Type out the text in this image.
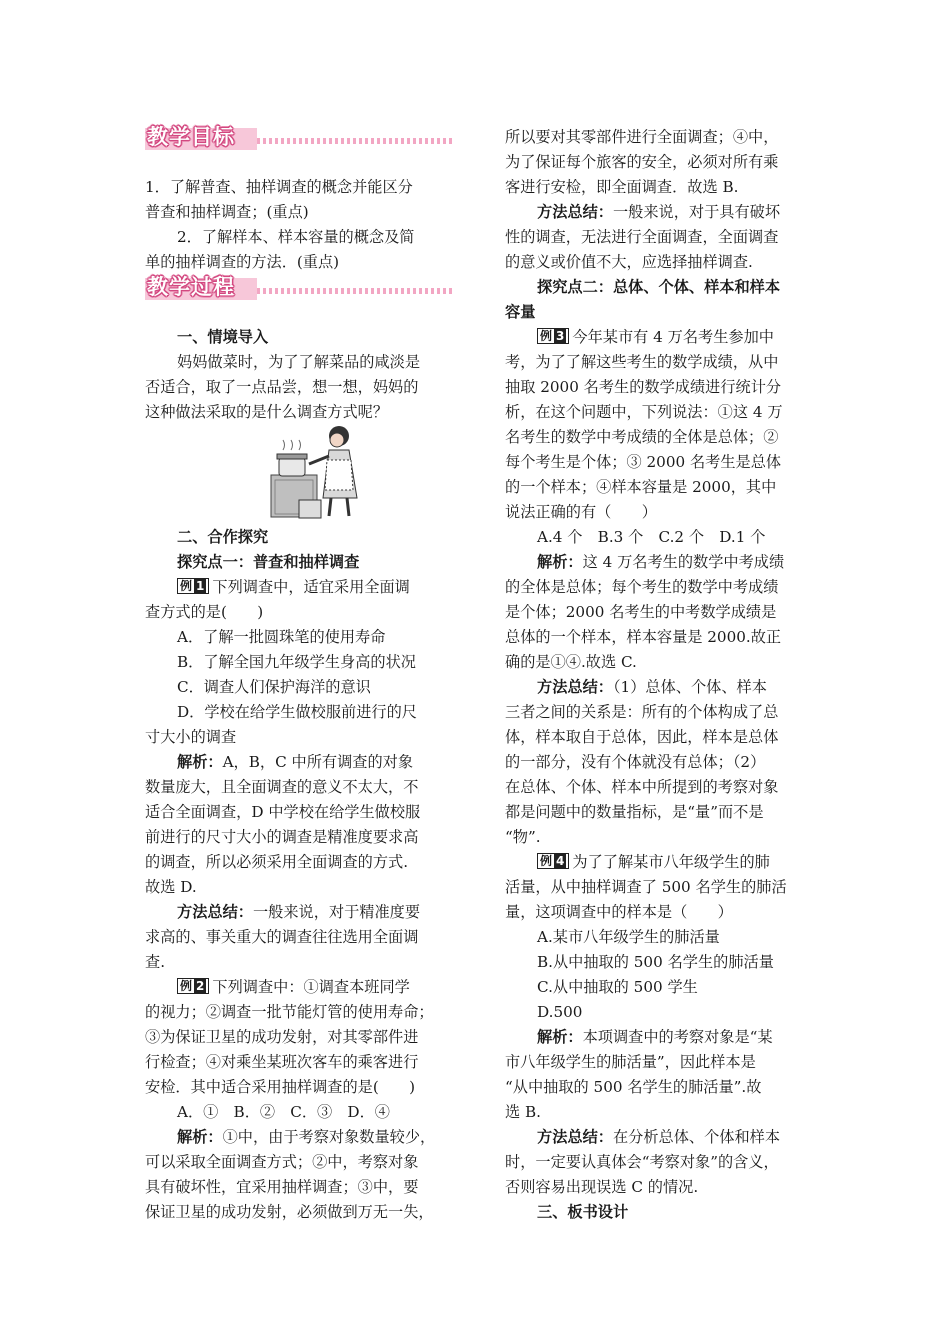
教学目标
1．了解普查、抽样调查的概念并能区分
普查和抽样调查；(重点)
2．了解样本、样本容量的概念及简
单的抽样调查的方法．(重点)
教学过程
一、情境导入
妈妈做菜时，为了了解菜品的咸淡是
否适合，取了一点品尝，想一想，妈妈的
这种做法采取的是什么调查方式呢？
二、合作探究
探究点一：普查和抽样调查
例 1 下列调查中，适宜采用全面调
查方式的是(　　)
A．了解一批圆珠笔的使用寿命
B．了解全国九年级学生身高的状况
C．调查人们保护海洋的意识
D．学校在给学生做校服前进行的尺
寸大小的调查
解析：A，B，C 中所有调查的对象
数量庞大，且全面调查的意义不太大，不
适合全面调查，D 中学校在给学生做校服
前进行的尺寸大小的调查是精准度要求高
的调查，所以必须采用全面调查的方式.
故选 D.
方法总结：一般来说，对于精准度要
求高的、事关重大的调查往往选用全面调
查.
例 2 下列调查中：①调查本班同学
的视力；②调查一批节能灯管的使用寿命；
③为保证卫星的成功发射，对其零部件进
行检查；④对乘坐某班次客车的乘客进行
安检．其中适合采用抽样调查的是(　　)
A．①　B．②　C．③　D．④
解析：①中，由于考察对象数量较少，
可以采取全面调查方式；②中，考察对象
具有破坏性，宜采用抽样调查；③中，要
保证卫星的成功发射，必须做到万无一失，
所以要对其零部件进行全面调查；④中，
为了保证每个旅客的安全，必须对所有乘
客进行安检，即全面调查．故选 B.
方法总结：一般来说，对于具有破坏
性的调查，无法进行全面调查，全面调查
的意义或价值不大，应选择抽样调查.
探究点二：总体、个体、样本和样本
容量
例 3 今年某市有 4 万名考生参加中
考，为了了解这些考生的数学成绩，从中
抽取 2000 名考生的数学成绩进行统计分
析，在这个问题中，下列说法：①这 4 万
名考生的数学中考成绩的全体是总体；②
每个考生是个体；③ 2000 名考生是总体
的一个样本；④样本容量是 2000，其中
说法正确的有（　　）
A.4 个　B.3 个　C.2 个　D.1 个
解析：这 4 万名考生的数学中考成绩
的全体是总体；每个考生的数学中考成绩
是个体；2000 名考生的中考数学成绩是
总体的一个样本，样本容量是 2000.故正
确的是①④.故选 C.
方法总结：（1）总体、个体、样本
三者之间的关系是：所有的个体构成了总
体，样本取自于总体，因此，样本是总体
的一部分，没有个体就没有总体；（2）
在总体、个体、样本中所提到的考察对象
都是问题中的数量指标，是“量”而不是
“物”.
例 4 为了了解某市八年级学生的肺
活量，从中抽样调查了 500 名学生的肺活
量，这项调查中的样本是（　　）
A.某市八年级学生的肺活量
B.从中抽取的 500 名学生的肺活量
C.从中抽取的 500 学生
D.500
解析：本项调查中的考察对象是“某
市八年级学生的肺活量”，因此样本是
“从中抽取的 500 名学生的肺活量”.故
选 B.
方法总结：在分析总体、个体和样本
时，一定要认真体会“考察对象”的含义，
否则容易出现误选 C 的情况.
三、板书设计
